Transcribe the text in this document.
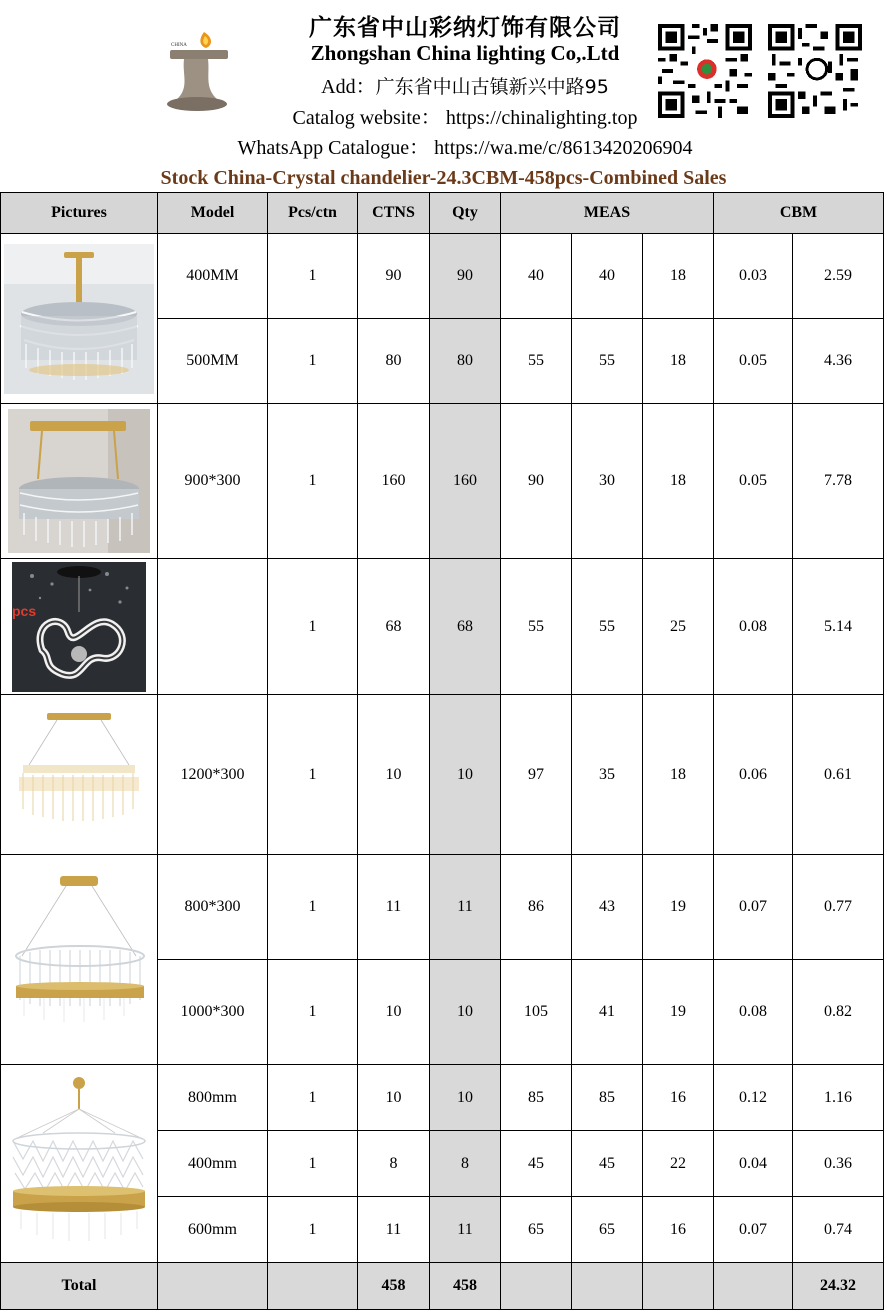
CHINA
广东省中山彩纳灯饰有限公司
Zhongshan China lighting Co,.Ltd
Add：广东省中山古镇新兴中路95
Catalog website： https://chinalighting.top
WhatsApp Catalogue： https://wa.me/c/8613420206904
Stock China-Crystal chandelier-24.3CBM-458pcs-Combined Sales
Pictures	Model	Pcs/ctn	CTNS	Qty	MEAS			CBM	

	400MM	1	90	90	40	40	18	0.03	2.59
	500MM	1	80	80	55	55	18	0.05	4.36

	900*300	1	160	160	90	30	18	0.05	7.78

pcs		1	68	68	55	55	25	0.08	5.14

	1200*300	1	10	10	97	35	18	0.06	0.61

	800*300	1	11	11	86	43	19	0.07	0.77
	1000*300	1	10	10	105	41	19	0.08	0.82

	800mm	1	10	10	85	85	16	0.12	1.16
	400mm	1	8	8	45	45	22	0.04	0.36
	600mm	1	11	11	65	65	16	0.07	0.74
Total			458	458					24.32
